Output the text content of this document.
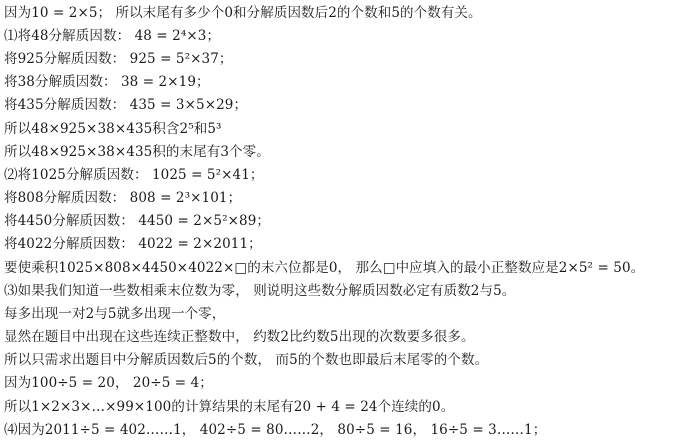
因为10 = 2×5； 所以末尾有多少个0和分解质因数后2的个数和5的个数有关。
⑴将48分解质因数： 48 = 2⁴×3；
将925分解质因数： 925 = 5²×37；
将38分解质因数： 38 = 2×19；
将435分解质因数： 435 = 3×5×29；
所以48×925×38×435积含2⁵和5³
所以48×925×38×435积的末尾有3个零。
⑵将1025分解质因数： 1025 = 5²×41；
将808分解质因数： 808 = 2³×101；
将4450分解质因数： 4450 = 2×5²×89；
将4022分解质因数： 4022 = 2×2011；
要使乘积1025×808×4450×4022×□的末六位都是0， 那么□中应填入的最小正整数应是2×5² = 50。
⑶如果我们知道一些数相乘末位数为零， 则说明这些数分解质因数必定有质数2与5。
每多出现一对2与5就多出现一个零，
显然在题目中出现在这些连续正整数中， 约数2比约数5出现的次数要多很多。
所以只需求出题目中分解质因数后5的个数， 而5的个数也即最后末尾零的个数。
因为100÷5 = 20， 20÷5 = 4；
所以1×2×3×…×99×100的计算结果的末尾有20 + 4 = 24个连续的0。
⑷因为2011÷5 = 402……1， 402÷5 = 80……2， 80÷5 = 16， 16÷5 = 3……1；
